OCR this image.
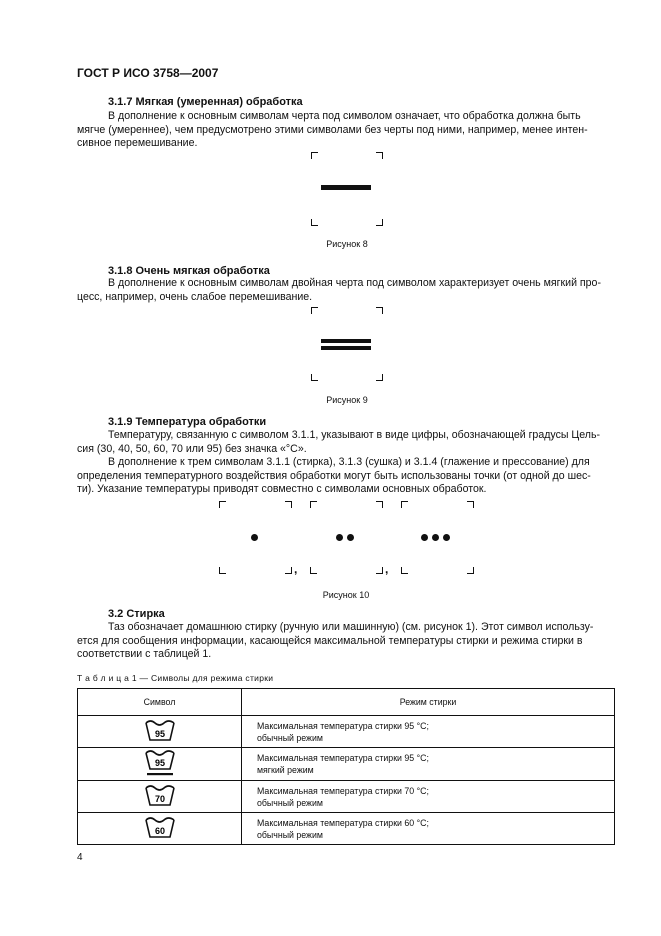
ГОСТ Р ИСО 3758—2007
3.1.7 Мягкая (умеренная) обработка
В дополнение к основным символам черта под символом означает, что обработка должна быть
мягче (умереннее), чем предусмотрено этими символами без черты под ними, например, менее интен-
сивное перемешивание.
Рисунок 8
3.1.8 Очень мягкая обработка
В дополнение к основным символам двойная черта под символом характеризует очень мягкий про-
цесс, например, очень слабое перемешивание.
Рисунок 9
3.1.9 Температура обработки
Температуру, связанную с символом 3.1.1, указывают в виде цифры, обозначающей градусы Цель-
сия (30, 40, 50, 60, 70 или 95) без значка «°С».
В дополнение к трем символам 3.1.1 (стирка), 3.1.3 (сушка) и 3.1.4 (глажение и прессование) для
определения температурного воздействия обработки могут быть использованы точки (от одной до шес-
ти). Указание температуры приводят совместно с символами основных обработок.
,	,
Рисунок 10
3.2 Стирка
Таз обозначает домашнюю стирку (ручную или машинную) (см. рисунок 1). Этот символ использу-
ется для сообщения информации, касающейся максимальной температуры стирки и режима стирки в
соответствии с таблицей 1.
Т а б л и ц а 1 — Символы для режима стирки
Символ	Режим стирки

95	Максимальная температура стирки 95 °С;
обычный режим

95	Максимальная температура стирки 95 °С;
мягкий режим

70	Максимальная температура стирки 70 °С;
обычный режим

60	Максимальная температура стирки 60 °С;
обычный режим
4
